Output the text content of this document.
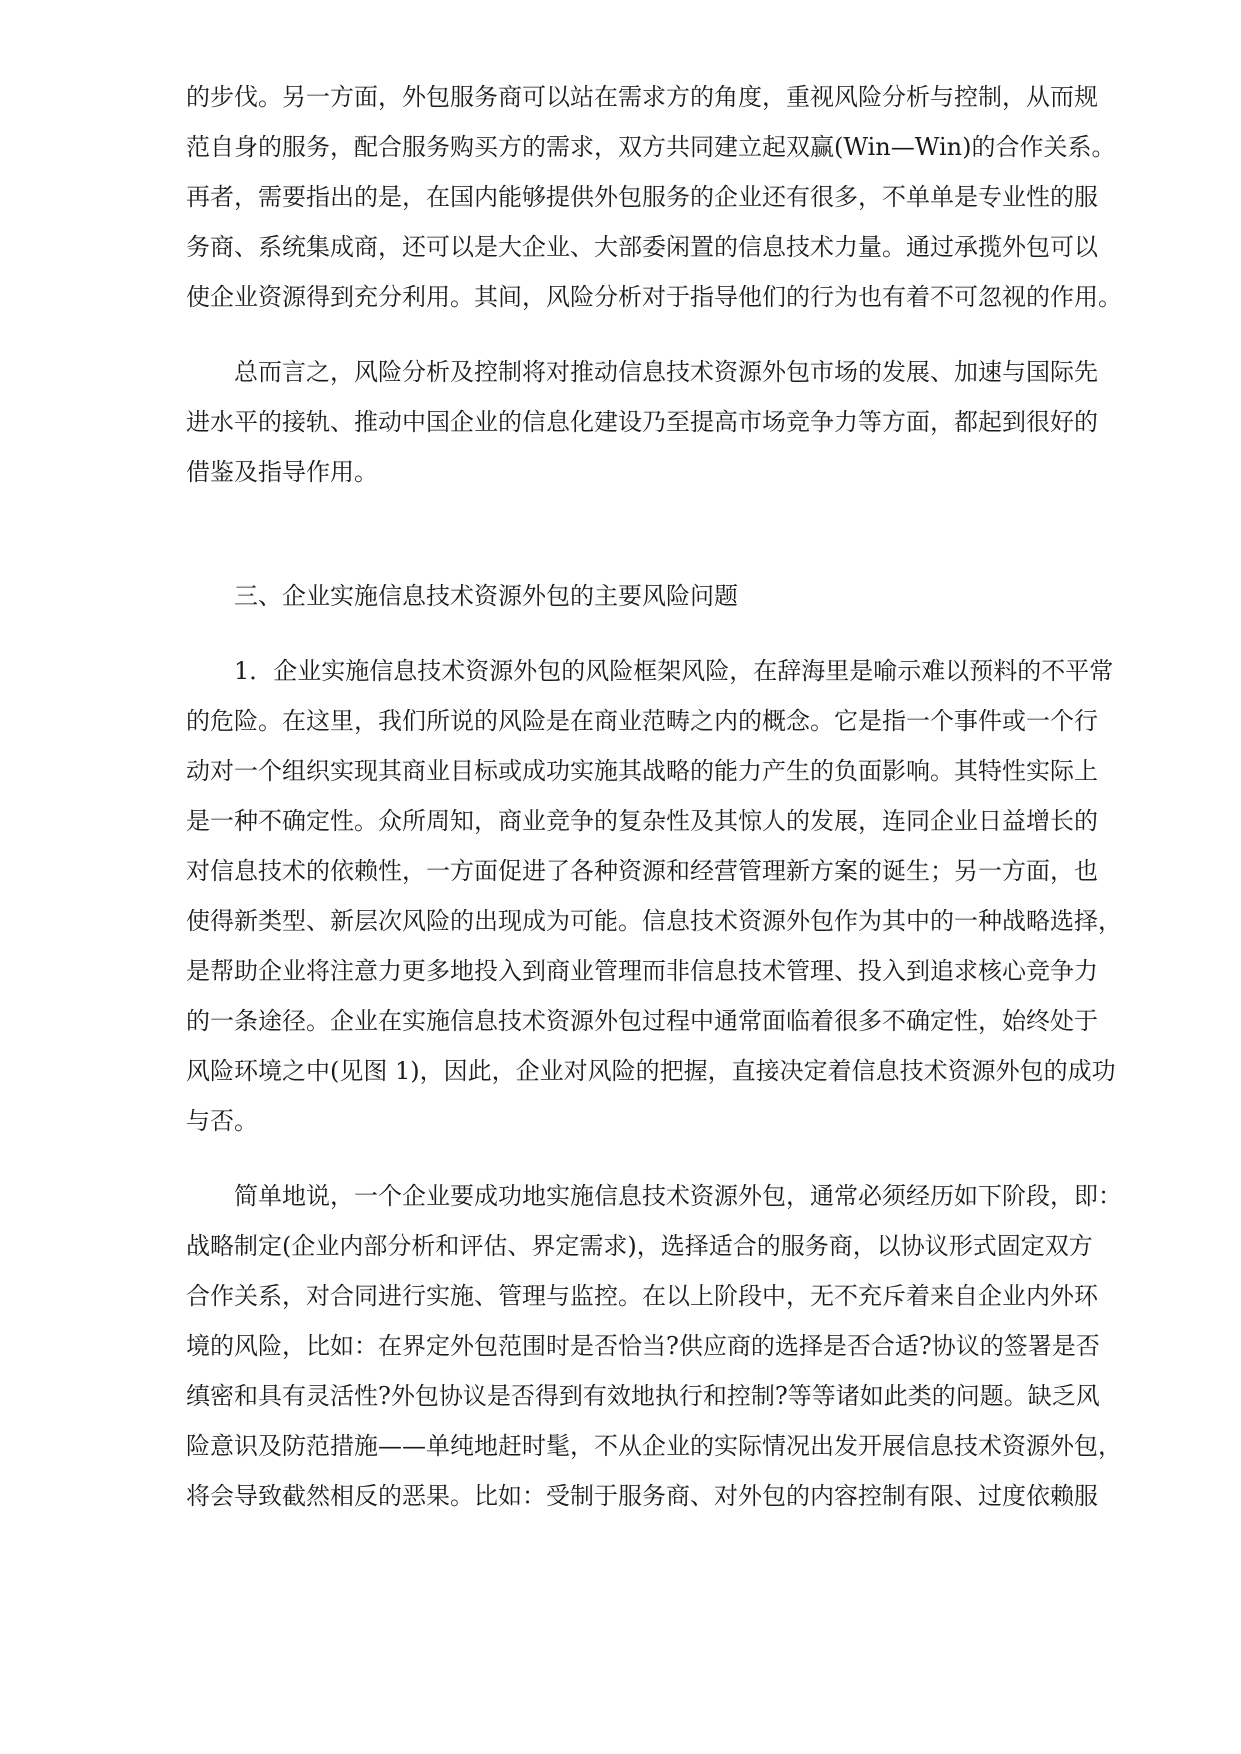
的步伐。另一方面，外包服务商可以站在需求方的角度，重视风险分析与控制，从而规
范自身的服务，配合服务购买方的需求，双方共同建立起双赢(Win—Win)的合作关系。
再者，需要指出的是，在国内能够提供外包服务的企业还有很多，不单单是专业性的服
务商、系统集成商，还可以是大企业、大部委闲置的信息技术力量。通过承揽外包可以
使企业资源得到充分利用。其间，风险分析对于指导他们的行为也有着不可忽视的作用。
　　总而言之，风险分析及控制将对推动信息技术资源外包市场的发展、加速与国际先
进水平的接轨、推动中国企业的信息化建设乃至提高市场竞争力等方面，都起到很好的
借鉴及指导作用。
　　三、企业实施信息技术资源外包的主要风险问题
　　1．企业实施信息技术资源外包的风险框架风险，在辞海里是喻示难以预料的不平常
的危险。在这里，我们所说的风险是在商业范畴之内的概念。它是指一个事件或一个行
动对一个组织实现其商业目标或成功实施其战略的能力产生的负面影响。其特性实际上
是一种不确定性。众所周知，商业竞争的复杂性及其惊人的发展，连同企业日益增长的
对信息技术的依赖性，一方面促进了各种资源和经营管理新方案的诞生；另一方面，也
使得新类型、新层次风险的出现成为可能。信息技术资源外包作为其中的一种战略选择，
是帮助企业将注意力更多地投入到商业管理而非信息技术管理、投入到追求核心竞争力
的一条途径。企业在实施信息技术资源外包过程中通常面临着很多不确定性，始终处于
风险环境之中(见图 1)，因此，企业对风险的把握，直接决定着信息技术资源外包的成功
与否。
　　简单地说，一个企业要成功地实施信息技术资源外包，通常必须经历如下阶段，即：
战略制定(企业内部分析和评估、界定需求)，选择适合的服务商，以协议形式固定双方
合作关系，对合同进行实施、管理与监控。在以上阶段中，无不充斥着来自企业内外环
境的风险，比如：在界定外包范围时是否恰当?供应商的选择是否合适?协议的签署是否
缜密和具有灵活性?外包协议是否得到有效地执行和控制?等等诸如此类的问题。缺乏风
险意识及防范措施——单纯地赶时髦，不从企业的实际情况出发开展信息技术资源外包，
将会导致截然相反的恶果。比如：受制于服务商、对外包的内容控制有限、过度依赖服
